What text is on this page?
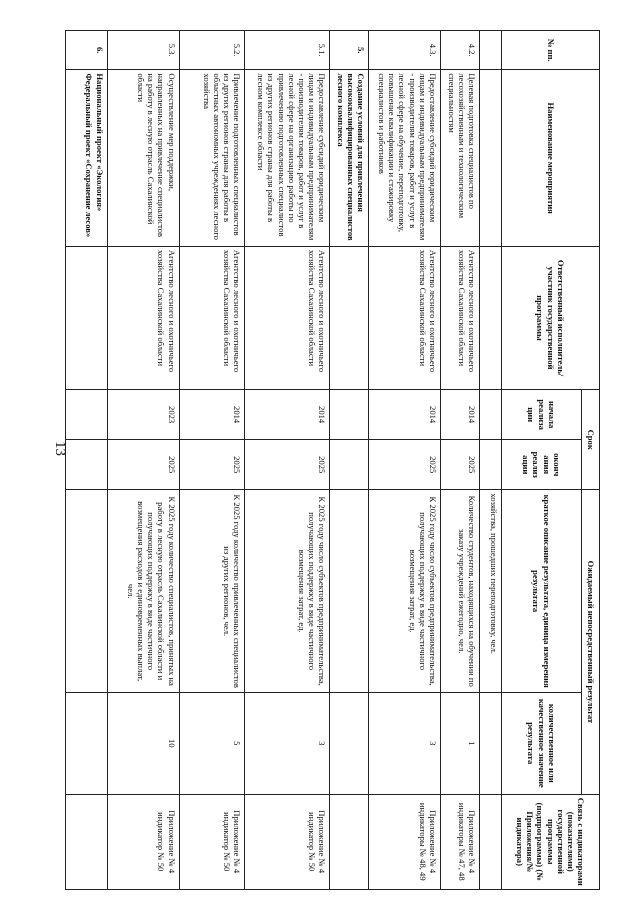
13
№ пп.	Наименование мероприятия	Ответственный исполнитель/участник государственной программы	Срок		Ожидаемый непосредственный результат		Связь с индикаторами (показателями) государственной программы (подпрограммы) (№ Приложения/№ индикатора)
			начала реализа ции	оконч ания реализ ации	краткое описание результата, единица измерения результата	количественное или качественное значение результата	
					хозяйства, прошедших переподготовку, чел.		
4.2.	Целевая подготовка специалистов по лесохозяйственным и технологическим специальностям	Агентство лесного и охотничьего хозяйства Сахалинской области	2014	2025	Количество студентов, находящихся на обучении по заказу учреждений ежегодно, чел.	1	Приложение № 4 индикаторы № 47, 48
4.3.	Предоставление субсидий юридическим лицам и индивидуальным предпринимателям - производителям товаров, работ и услуг в лесной сфере на обучение, переподготовку, повышение квалификации и стажировку специалистов и работников	Агентство лесного и охотничьего хозяйства Сахалинской области	2014	2025	К 2025 году число субъектов предпринимательства, получающих поддержку в виде частичного возмещения затрат, ед.	3	Приложение № 4 индикаторы № 48, 49
5.	Создание условий для привлечения высококвалифицированных специалистов лесного комплекса						
5.1.	Предоставление субсидий юридическим лицам и индивидуальным предпринимателям - производителям товаров, работ и услуг в лесной сфере на организацию работы по привлечению подготовленных специалистов из других регионов страны для работы в лесном комплексе области	Агентство лесного и охотничьего хозяйства Сахалинской области	2014	2025	К 2025 году число субъектов предпринимательства, получающих поддержку в виде частичного возмещения затрат, ед.	3	Приложение № 4 индикатор № 50
5.2.	Привлечение подготовленных специалистов из других регионов страны для работы в областных автономных учреждениях лесного хозяйства	Агентство лесного и охотничьего хозяйства Сахалинской области	2014	2025	К 2025 году количество привлеченных специалистов из других регионов, чел.	5	Приложение № 4 индикатор № 50
5.3.	Осуществление мер поддержки, направленных на привлечение специалистов на работу в лесную отрасль Сахалинской области	Агентство лесного и охотничьего хозяйства Сахалинской области	2023	2025	К 2025 году количество специалистов, принятых на работу в лесную отрасль Сахалинской области и получающих поддержку в виде частичного возмещения расходов и единовременных выплат, чел.	10	Приложение № 4 индикатор № 50
6.	Национальный проект «Экология» Федеральный проект «Сохранение лесов»						
